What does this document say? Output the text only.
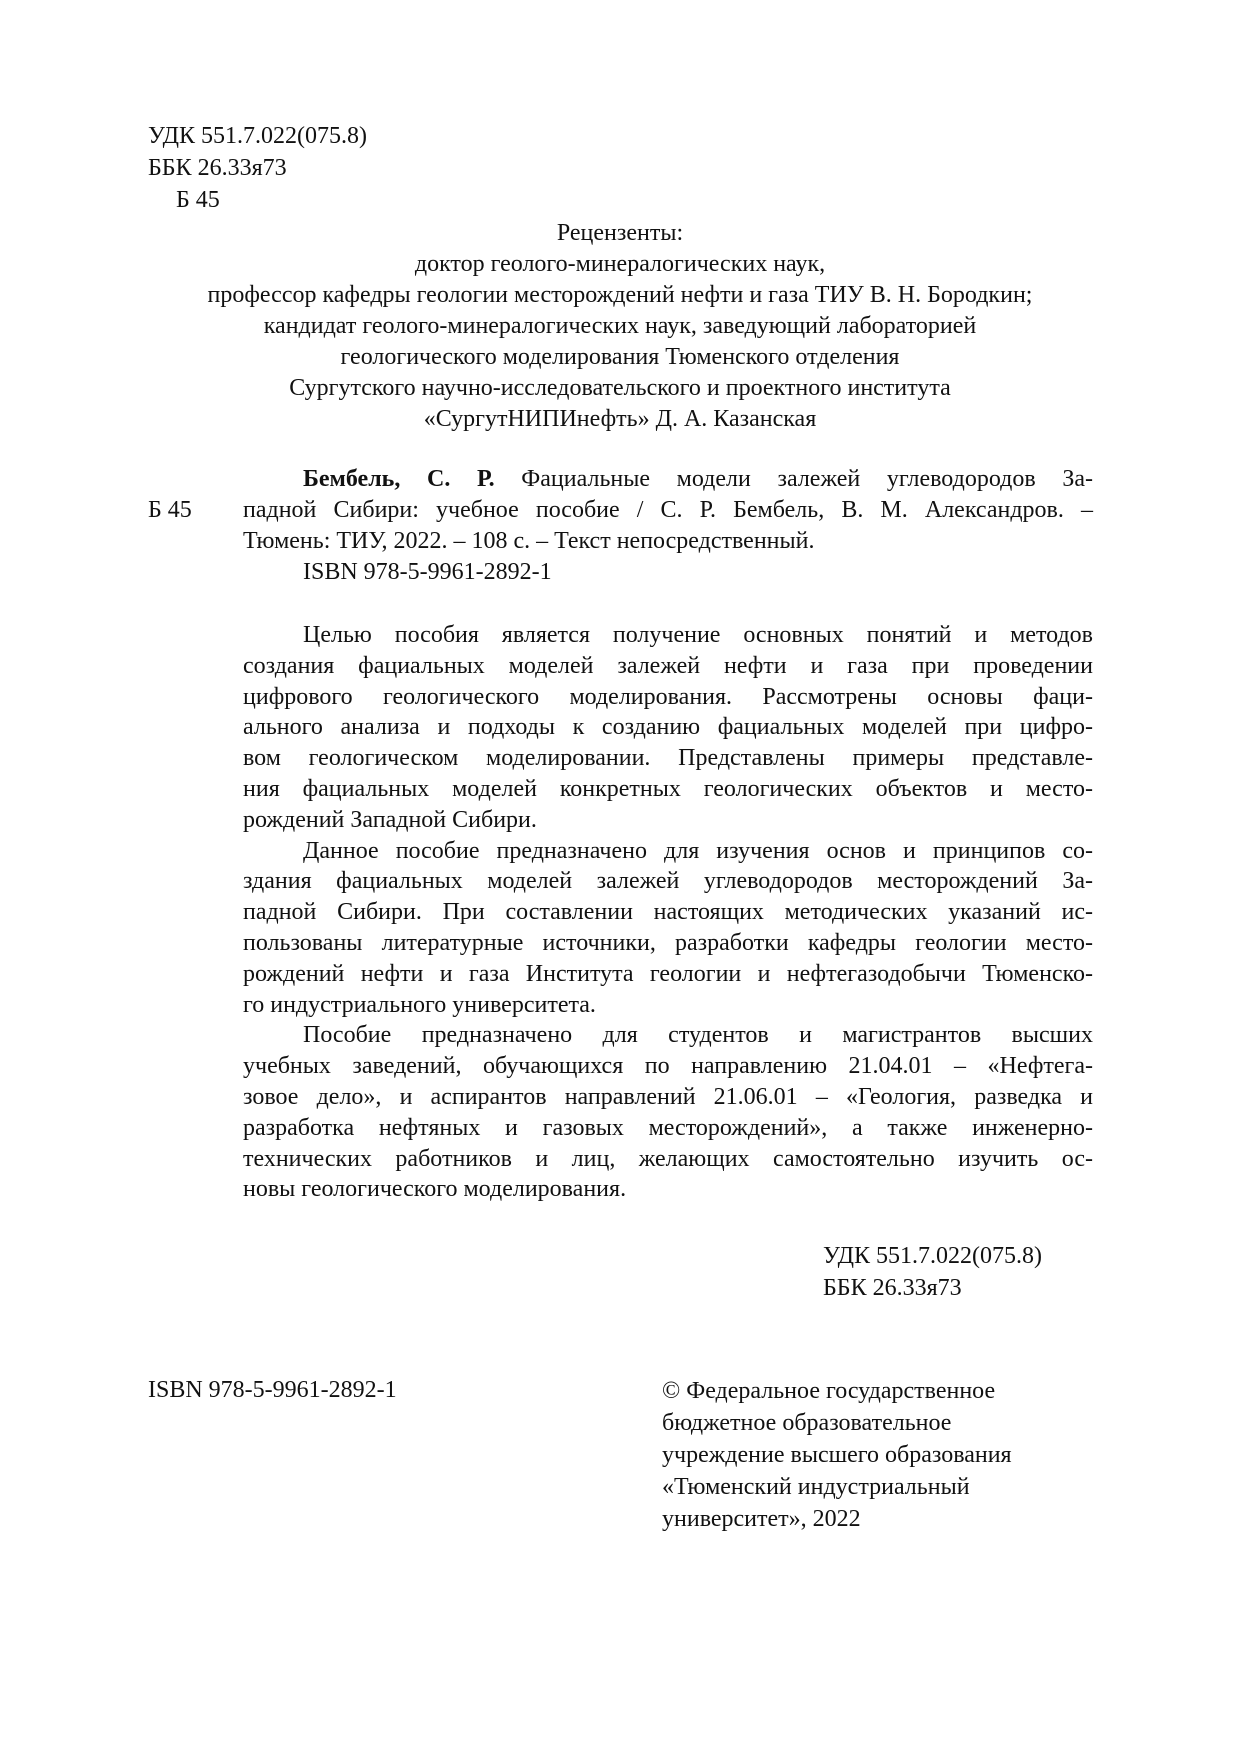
УДК 551.7.022(075.8)
ББК 26.33я73
Б 45
Рецензенты:
доктор геолого-минералогических наук,
профессор кафедры геологии месторождений нефти и газа ТИУ В. Н. Бородкин;
кандидат геолого-минералогических наук, заведующий лабораторией
геологического моделирования Тюменского отделения
Сургутского научно-исследовательского и проектного института
«СургутНИПИнефть» Д. А. Казанская
Б 45
Бембель, С. Р. Фациальные модели залежей углеводородов За-
падной Сибири: учебное пособие / С. Р. Бембель, В. М. Александров. –
Тюмень: ТИУ, 2022. – 108 с. – Текст непосредственный.
ISBN 978-5-9961-2892-1
Целью пособия является получение основных понятий и методов
создания фациальных моделей залежей нефти и газа при проведении
цифрового геологического моделирования. Рассмотрены основы фаци-
ального анализа и подходы к созданию фациальных моделей при цифро-
вом геологическом моделировании. Представлены примеры представле-
ния фациальных моделей конкретных геологических объектов и место-
рождений Западной Сибири.
Данное пособие предназначено для изучения основ и принципов со-
здания фациальных моделей залежей углеводородов месторождений За-
падной Сибири. При составлении настоящих методических указаний ис-
пользованы литературные источники, разработки кафедры геологии место-
рождений нефти и газа Института геологии и нефтегазодобычи Тюменско-
го индустриального университета.
Пособие предназначено для студентов и магистрантов высших
учебных заведений, обучающихся по направлению 21.04.01 – «Нефтега-
зовое дело», и аспирантов направлений 21.06.01 – «Геология, разведка и
разработка нефтяных и газовых месторождений», а также инженерно-
технических работников и лиц, желающих самостоятельно изучить ос-
новы геологического моделирования.
УДК 551.7.022(075.8)
ББК 26.33я73
ISBN 978-5-9961-2892-1	© Федеральное государственное
бюджетное образовательное
учреждение высшего образования
«Тюменский индустриальный
университет», 2022
